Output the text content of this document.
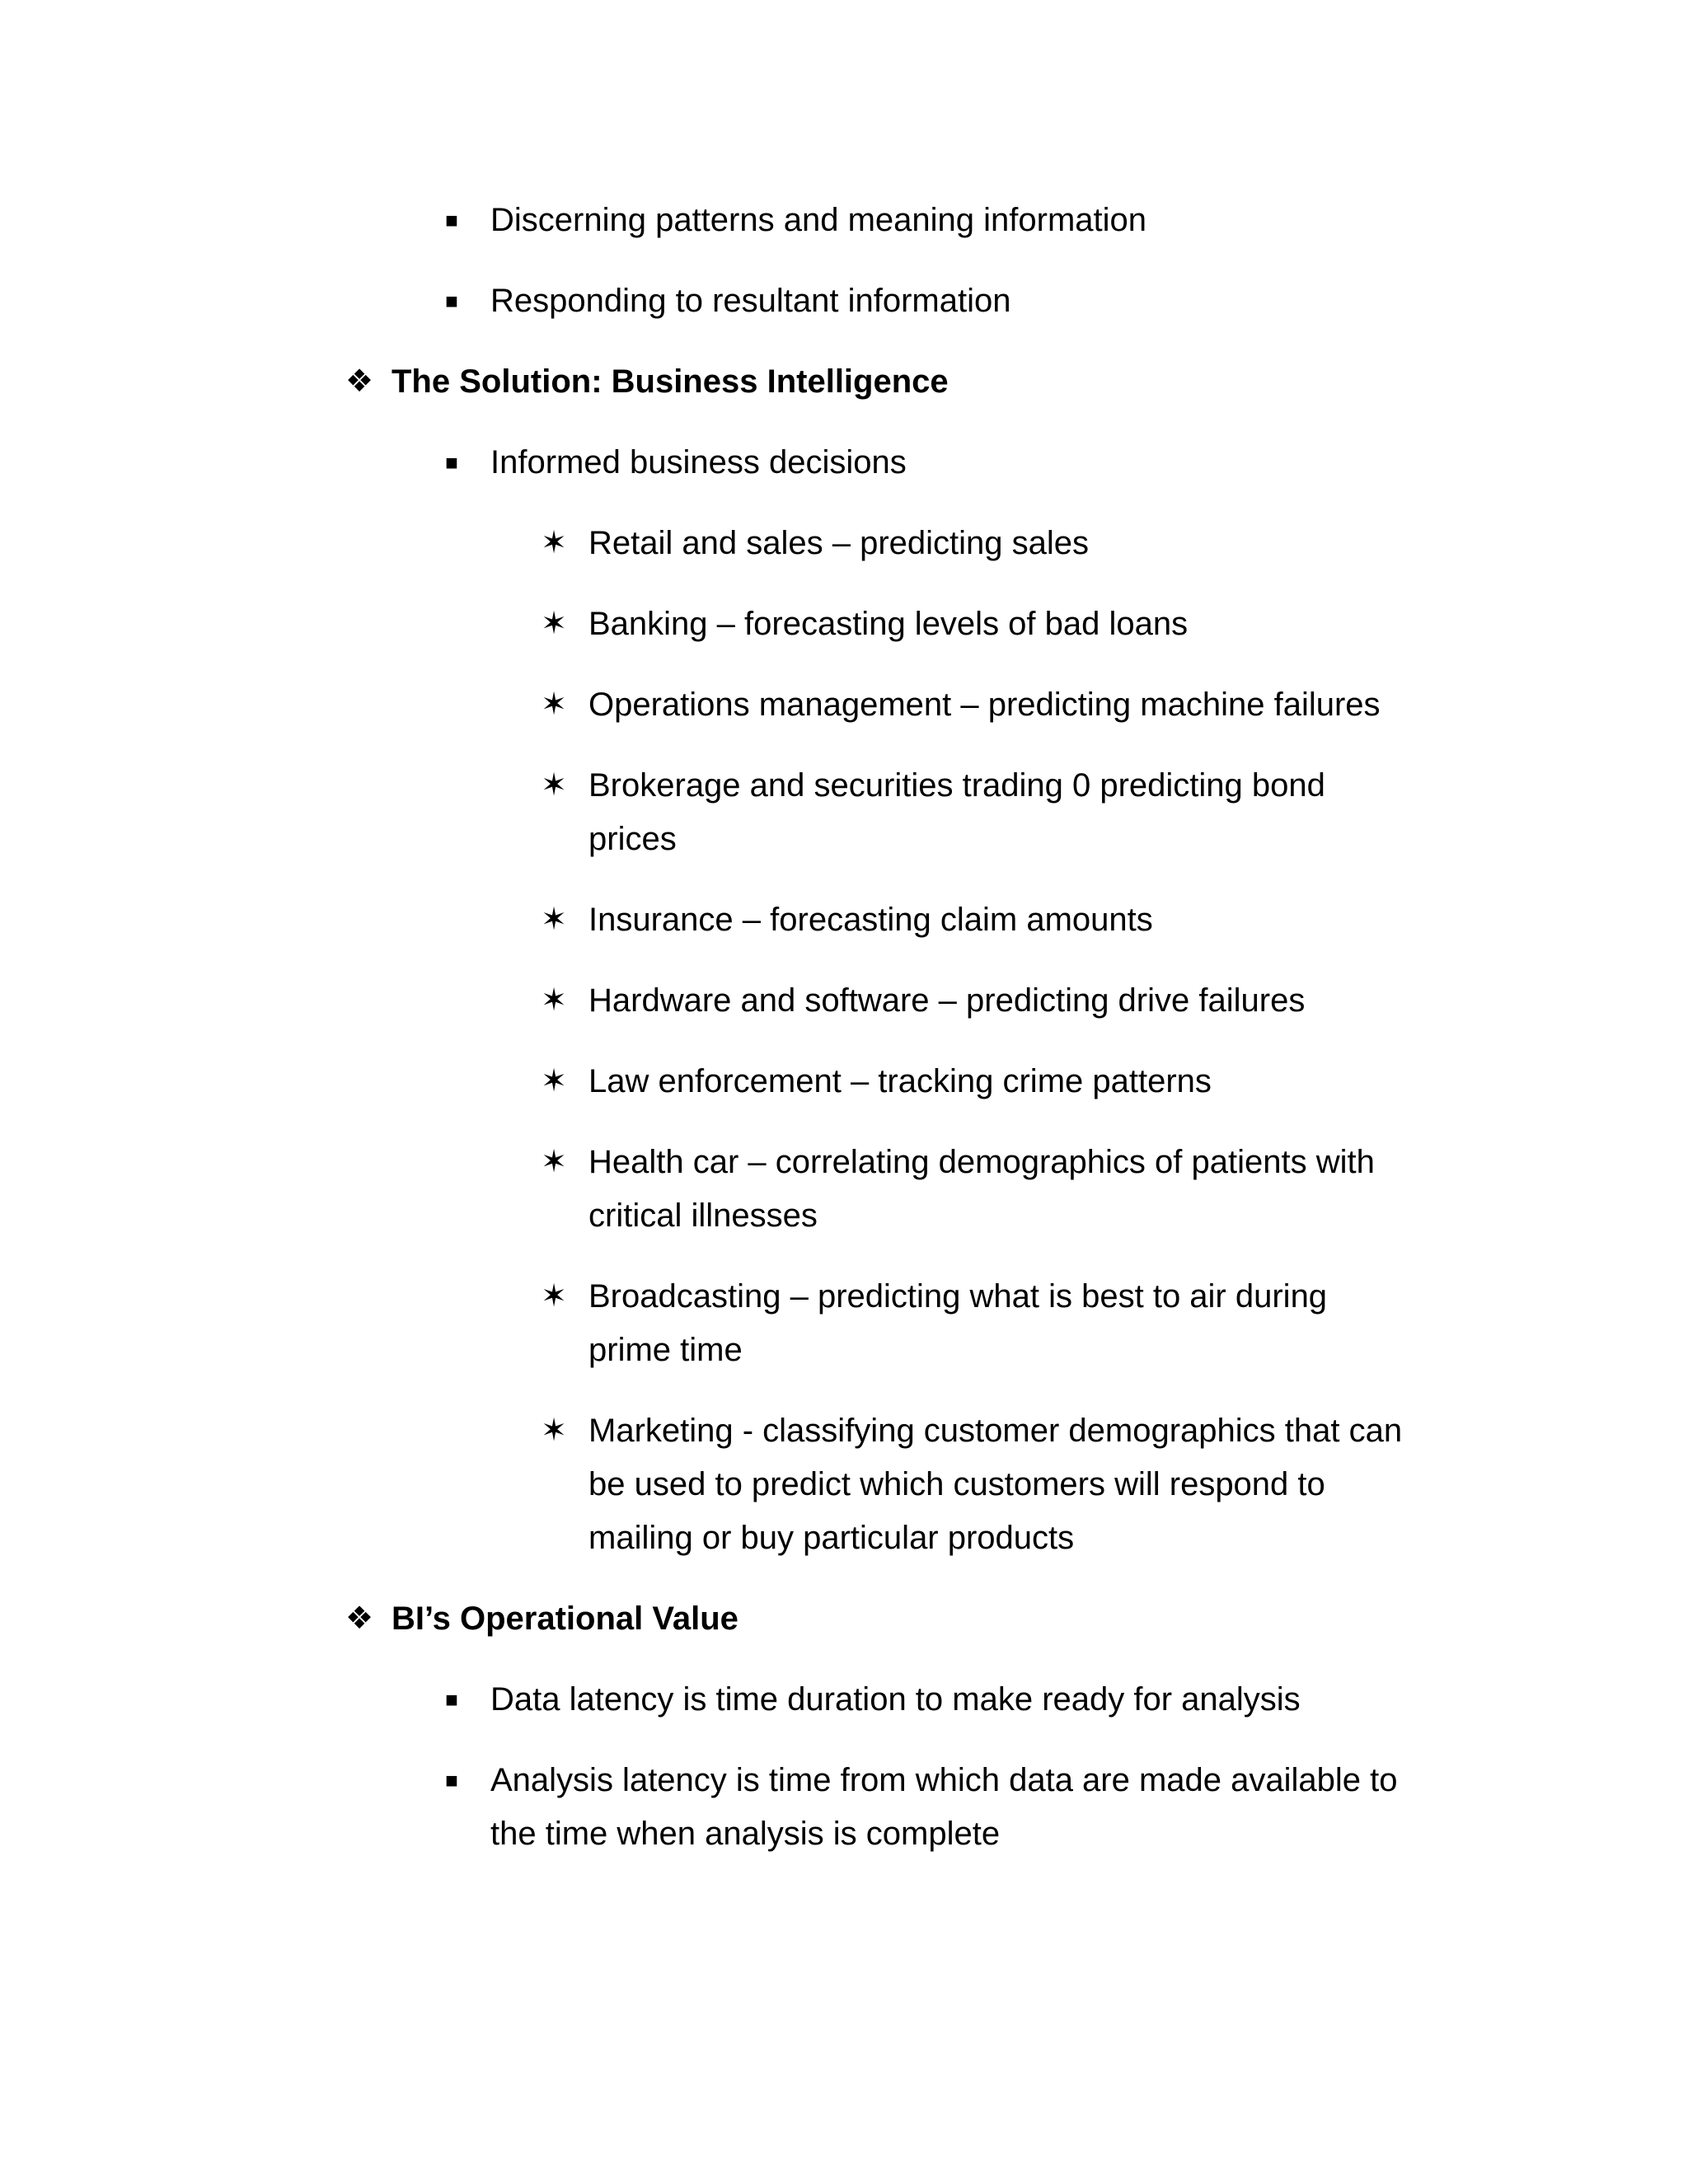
■ Discerning patterns and meaning information
■ Responding to resultant information
❖ The Solution: Business Intelligence
■ Informed business decisions
✶ Retail and sales – predicting sales
✶ Banking – forecasting levels of bad loans
✶ Operations management – predicting machine failures
✶ Brokerage and securities trading 0 predicting bond
prices
✶ Insurance – forecasting claim amounts
✶ Hardware and software – predicting drive failures
✶ Law enforcement – tracking crime patterns
✶ Health car – correlating demographics of patients with
critical illnesses
✶ Broadcasting – predicting what is best to air during
prime time
✶ Marketing - classifying customer demographics that can
be used to predict which customers will respond to
mailing or buy particular products
❖ BI’s Operational Value
■ Data latency is time duration to make ready for analysis
■ Analysis latency is time from which data are made available to
the time when analysis is complete
